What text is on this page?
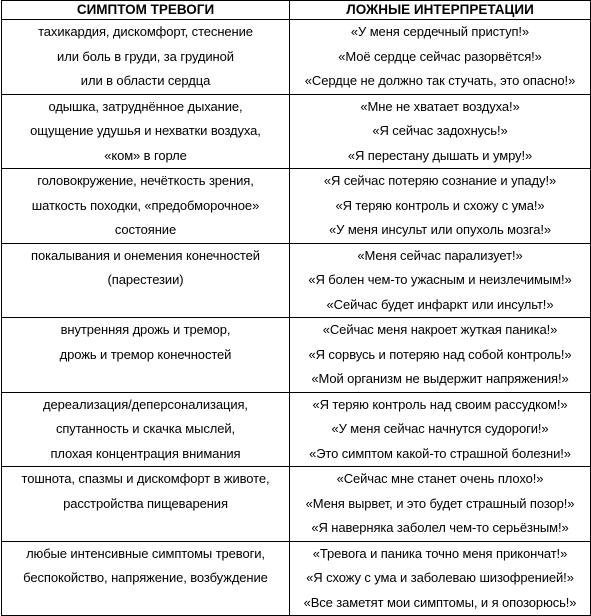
СИМПТОМ ТРЕВОГИ	ЛОЖНЫЕ ИНТЕРПРЕТАЦИИ

тахикардия, дискомфорт, стеснение
или боль в груди, за грудиной
или в области сердца	«У меня сердечный приступ!»
«Моё сердце сейчас разорвётся!»
«Сердце не должно так стучать, это опасно!»

одышка, затруднённое дыхание,
ощущение удушья и нехватки воздуха,
«ком» в горле	«Мне не хватает воздуха!»
«Я сейчас задохнусь!»
«Я перестану дышать и умру!»

головокружение, нечёткость зрения,
шаткость походки, «предобморочное»
состояние	«Я сейчас потеряю сознание и упаду!»
«Я теряю контроль и схожу с ума!»
«У меня инсульт или опухоль мозга!»

покалывания и онемения конечностей
(парестезии)	«Меня сейчас парализует!»
«Я болен чем-то ужасным и неизлечимым!»
«Сейчас будет инфаркт или инсульт!»

внутренняя дрожь и тремор,
дрожь и тремор конечностей	«Сейчас меня накроет жуткая паника!»
«Я сорвусь и потеряю над собой контроль!»
«Мой организм не выдержит напряжения!»

дереализация/деперсонализация,
спутанность и скачка мыслей,
плохая концентрация внимания	«Я теряю контроль над своим рассудком!»
«У меня сейчас начнутся судороги!»
«Это симптом какой-то страшной болезни!»

тошнота, спазмы и дискомфорт в животе,
расстройства пищеварения	«Сейчас мне станет очень плохо!»
«Меня вырвет, и это будет страшный позор!»
«Я наверняка заболел чем-то серьёзным!»

любые интенсивные симптомы тревоги,
беспокойство, напряжение, возбуждение	«Тревога и паника точно меня прикончат!»
«Я схожу с ума и заболеваю шизофренией!»
«Все заметят мои симптомы, и я опозорюсь!»
